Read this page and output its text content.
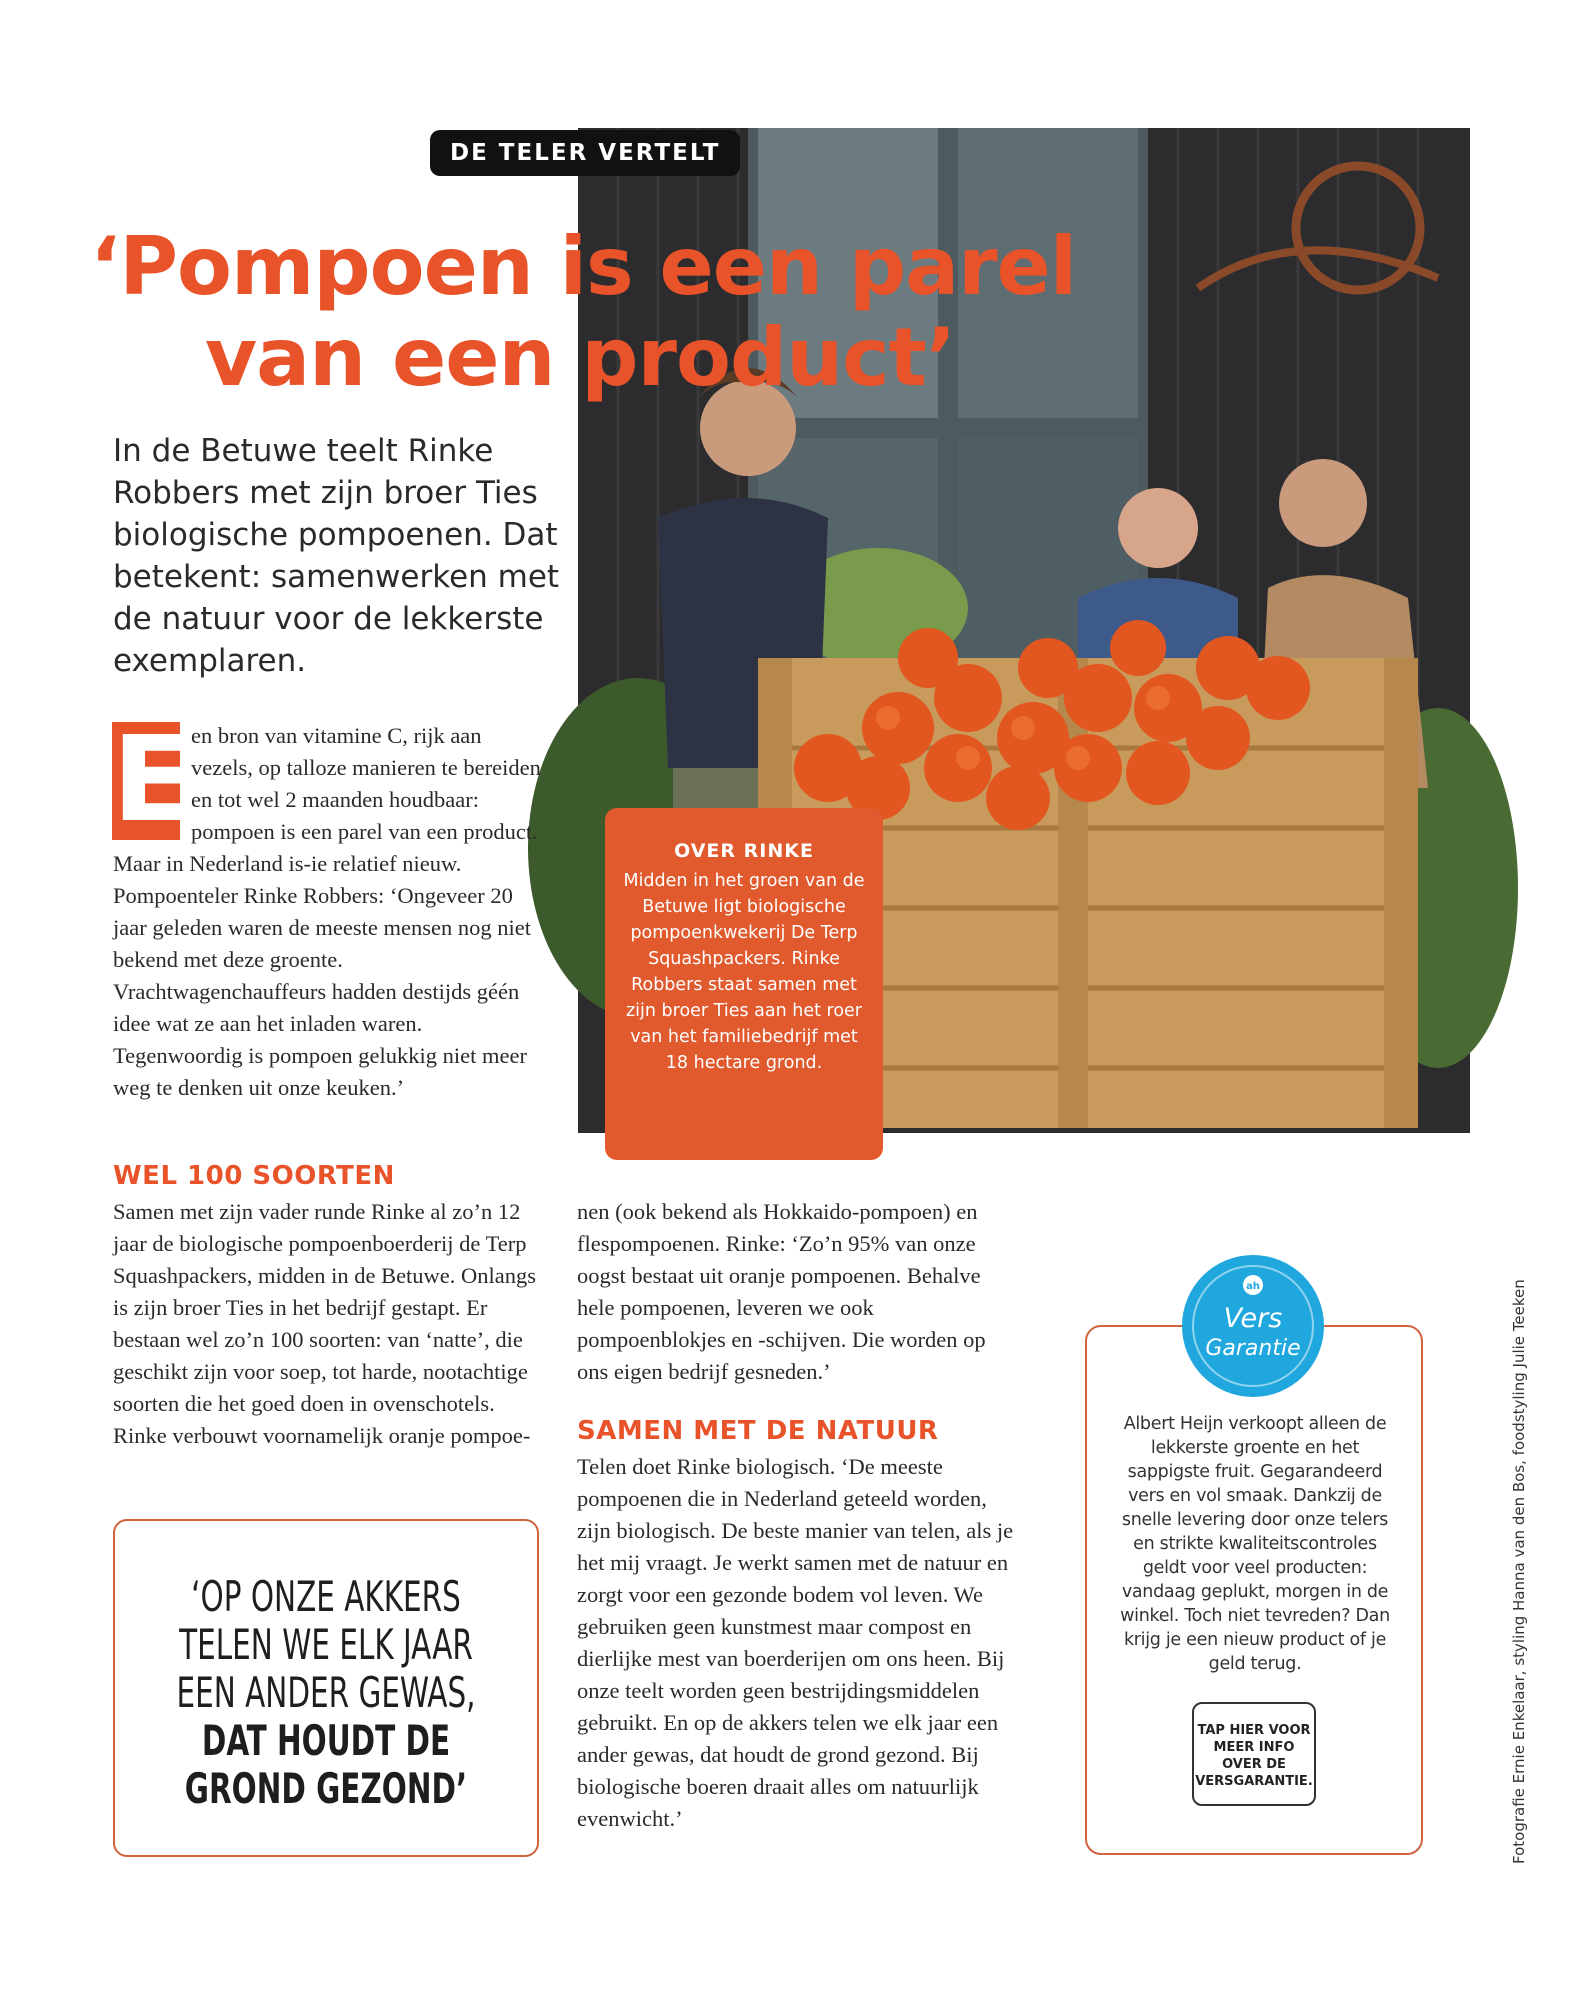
DE TELER VERTELT
‘Pompoen is een parel
van een product’
In de Betuwe teelt Rinke Robbers met zijn broer Ties biologische pompoenen. Dat betekent: samenwerken met de natuur voor de lekkerste exemplaren.
E
en bron van vitamine C, rijk aan vezels, op talloze manieren te bereiden en tot wel 2 maanden houdbaar: pompoen is een parel van een product. Maar in Nederland is-ie relatief nieuw. Pompoenteler Rinke Robbers: ‘Ongeveer 20 jaar geleden waren de meeste mensen nog niet bekend met deze groente. Vrachtwagenchauffeurs hadden destijds géén idee wat ze aan het inladen waren. Tegenwoordig is pompoen gelukkig niet meer weg te denken uit onze keuken.’
WEL 100 SOORTEN
Samen met zijn vader runde Rinke al zo’n 12 jaar de biologische pompoenboerderij de Terp Squashpackers, midden in de Betuwe. Onlangs is zijn broer Ties in het bedrijf gestapt. Er bestaan wel zo’n 100 soorten: van ‘natte’, die geschikt zijn voor soep, tot harde, nootachtige soorten die het goed doen in ovenschotels. Rinke verbouwt voornamelijk oranje pompoe-
nen (ook bekend als Hokkaido-pompoen) en flespompoenen. Rinke: ‘Zo’n 95% van onze oogst bestaat uit oranje pompoenen. Behalve hele pompoenen, leveren we ook pompoenblokjes en -schijven. Die worden op ons eigen bedrijf gesneden.’
SAMEN MET DE NATUUR
Telen doet Rinke biologisch. ‘De meeste pompoenen die in Nederland geteeld worden, zijn biologisch. De beste manier van telen, als je het mij vraagt. Je werkt samen met de natuur en zorgt voor een gezonde bodem vol leven. We gebruiken geen kunstmest maar compost en dierlijke mest van boerderijen om ons heen. Bij onze teelt worden geen bestrijdingsmiddelen gebruikt. En op de akkers telen we elk jaar een ander gewas, dat houdt de grond gezond. Bij biologische boeren draait alles om natuurlijk evenwicht.’
OVER RINKE
Midden in het groen van de Betuwe ligt biologische pompoenkwekerij De Terp Squashpackers. Rinke Robbers staat samen met zijn broer Ties aan het roer van het familiebedrijf met 18 hectare grond.
‘OP ONZE AKKERS TELEN WE ELK JAAR EEN ANDER GEWAS,
DAT HOUDT DE GROND GEZOND’
ah
Vers
Garantie
Albert Heijn verkoopt alleen de lekkerste groente en het sappigste fruit. Gegarandeerd vers en vol smaak. Dankzij de snelle levering door onze telers en strikte kwaliteitscontroles geldt voor veel producten: vandaag geplukt, morgen in de winkel. Toch niet tevreden? Dan krijg je een nieuw product of je geld terug.
TAP HIER VOOR MEER INFO OVER DE VERSGARANTIE.	Fotografie Ernie Enkelaar, styling Hanna van den Bos, foodstyling Julie Teeken
